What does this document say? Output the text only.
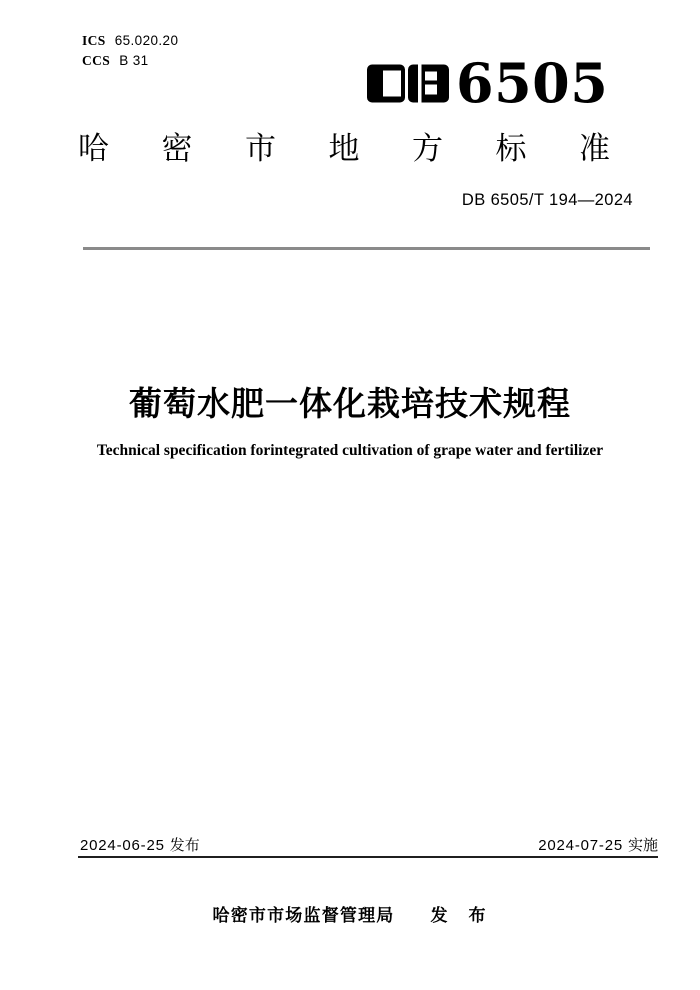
ICS 65.020.20
CCS B 31	6505
哈 密 市 地 方 标 准
DB 6505/T 194—2024
葡萄水肥一体化栽培技术规程
Technical specification forintegrated cultivation of grape water and fertilizer
2024-06-25 发布	2024-07-25 实施
哈密市市场监督管理局 发　布
